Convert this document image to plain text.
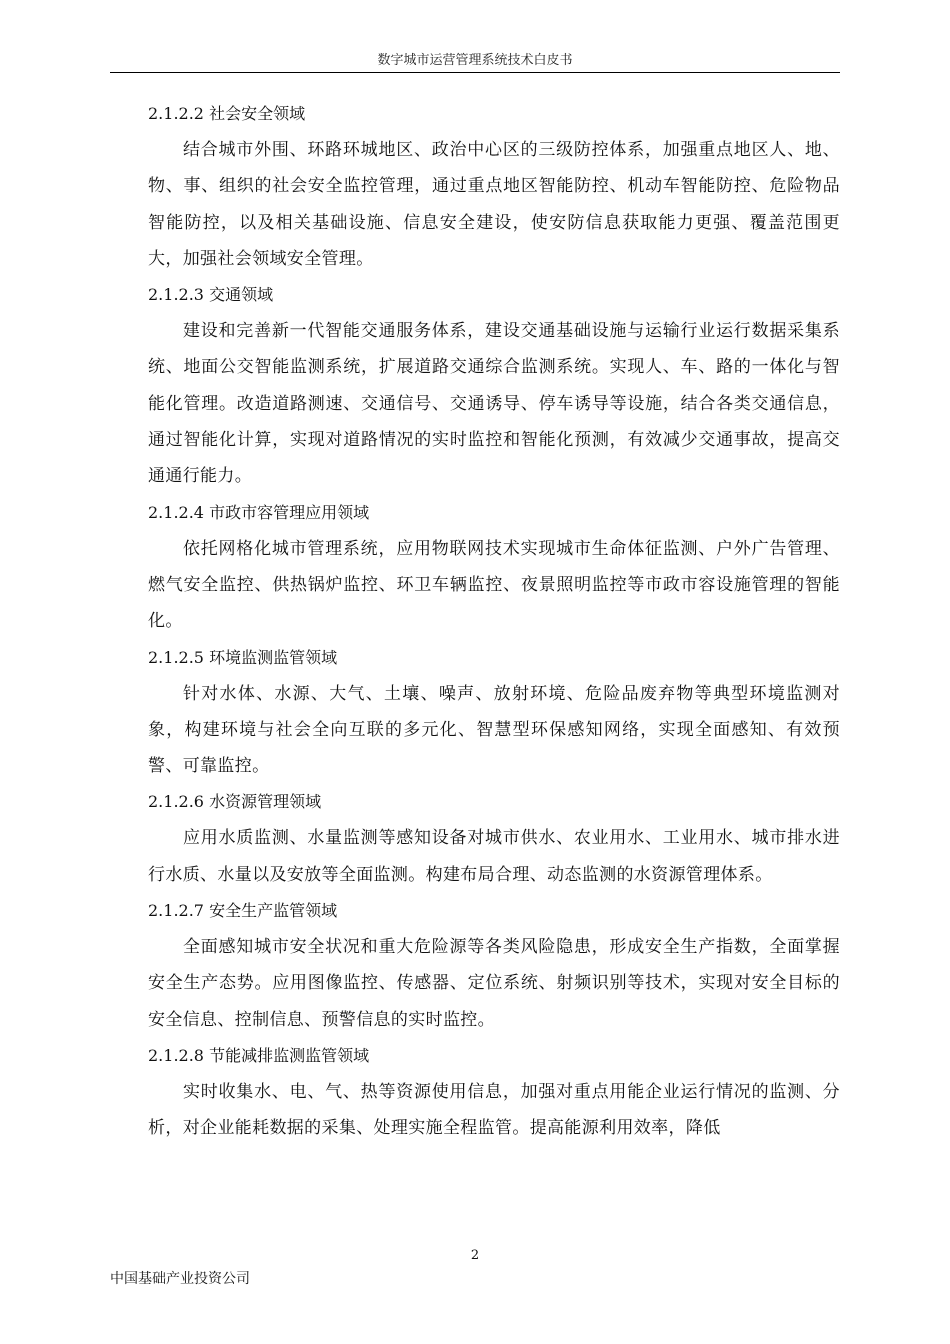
数字城市运营管理系统技术白皮书

2.1.2.2 社会安全领域

结合城市外围、环路环城地区、政治中心区的三级防控体系，加强重点地区人、地、物、事、组织的社会安全监控管理，通过重点地区智能防控、机动车智能防控、危险物品智能防控，以及相关基础设施、信息安全建设，使安防信息获取能力更强、覆盖范围更大，加强社会领域安全管理。

2.1.2.3 交通领域

建设和完善新一代智能交通服务体系，建设交通基础设施与运输行业运行数据采集系统、地面公交智能监测系统，扩展道路交通综合监测系统。实现人、车、路的一体化与智能化管理。改造道路测速、交通信号、交通诱导、停车诱导等设施，结合各类交通信息，通过智能化计算，实现对道路情况的实时监控和智能化预测，有效减少交通事故，提高交通通行能力。

2.1.2.4 市政市容管理应用领域

依托网格化城市管理系统，应用物联网技术实现城市生命体征监测、户外广告管理、燃气安全监控、供热锅炉监控、环卫车辆监控、夜景照明监控等市政市容设施管理的智能化。

2.1.2.5 环境监测监管领域

针对水体、水源、大气、土壤、噪声、放射环境、危险品废弃物等典型环境监测对象，构建环境与社会全向互联的多元化、智慧型环保感知网络，实现全面感知、有效预警、可靠监控。

2.1.2.6 水资源管理领域

应用水质监测、水量监测等感知设备对城市供水、农业用水、工业用水、城市排水进行水质、水量以及安放等全面监测。构建布局合理、动态监测的水资源管理体系。

2.1.2.7 安全生产监管领域

全面感知城市安全状况和重大危险源等各类风险隐患，形成安全生产指数，全面掌握安全生产态势。应用图像监控、传感器、定位系统、射频识别等技术，实现对安全目标的安全信息、控制信息、预警信息的实时监控。

2.1.2.8 节能减排监测监管领域

实时收集水、电、气、热等资源使用信息，加强对重点用能企业运行情况的监测、分析，对企业能耗数据的采集、处理实施全程监管。提高能源利用效率，降低

2
中国基础产业投资公司
